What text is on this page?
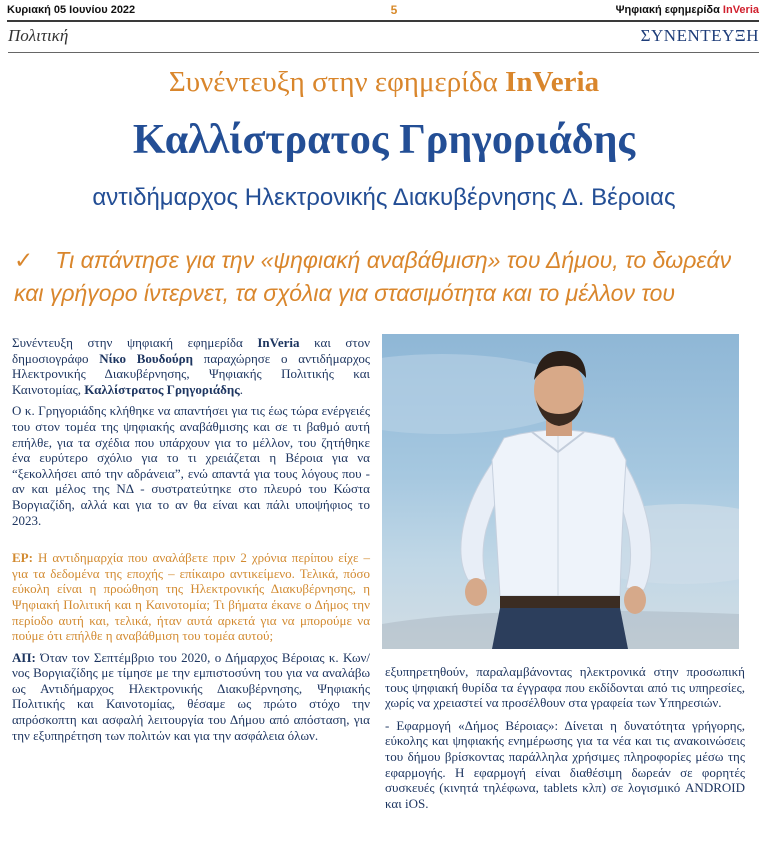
Κυριακή 05 Ιουνίου 2022	5	Ψηφιακή εφημερίδα InVeria
Πολιτική	ΣΥΝΕΝΤΕΥΞΗ
Συνέντευξη στην εφημερίδα InVeria
Καλλίστρατος Γρηγοριάδης
αντιδήμαρχος Ηλεκτρονικής Διακυβέρνησης Δ. Βέροιας
✓ Τι απάντησε για την «ψηφιακή αναβάθμιση» του Δήμου, το δωρεάν και γρήγορο ίντερνετ, τα σχόλια για στασιμότητα και το μέλλον του

Συνέντευξη στην ψηφιακή εφημερίδα InVeria και στον δημοσιογράφο Νίκο Βουδούρη παραχώρησε ο αντιδήμαρχος Ηλεκτρονικής Διακυβέρνησης, Ψηφιακής Πολιτικής και Καινοτομίας, Καλλίστρατος Γρηγοριάδης.

Ο κ. Γρηγοριάδης κλήθηκε να απαντήσει για τις έως τώρα ενέργειές του στον τομέα της ψηφιακής αναβάθμισης και σε τι βαθμό αυτή επήλθε, για τα σχέδια που υπάρχουν για το μέλλον, του ζητήθηκε ένα ευρύτερο σχόλιο για το τι χρειάζεται η Βέροια για να “ξεκολλήσει από την αδράνεια”, ενώ απαντά για τους λόγους που - αν και μέλος της ΝΔ - συστρατεύτηκε στο πλευρό του Κώστα Βοργιαζίδη, αλλά και για το αν θα είναι και πάλι υποψήφιος το 2023.

ΕΡ: Η αντιδημαρχία που αναλάβετε πριν 2 χρόνια περίπου είχε – για τα δεδομένα της εποχής – επίκαιρο αντικείμενο. Τελικά, πόσο εύκολη είναι η προώθηση της Ηλεκτρονικής Διακυβέρνησης, η Ψηφιακή Πολιτική και η Καινοτομία; Τι βήματα έκανε ο Δήμος την περίοδο αυτή και, τελικά, ήταν αυτά αρκετά για να μπορούμε να πούμε ότι επήλθε η αναβάθμιση του τομέα αυτού;

ΑΠ: Όταν τον Σεπτέμβριο του 2020, ο Δήμαρχος Βέροιας κ. Κων/νος Βοργιαζίδης με τίμησε με την εμπιστοσύνη του για να αναλάβω ως Αντιδήμαρχος Ηλεκτρονικής Διακυβέρνησης, Ψηφιακής Πολιτικής και Καινοτομίας, θέσαμε ως πρώτο στόχο την απρόσκοπτη και ασφαλή λειτουργία του Δήμου από απόσταση, για την εξυπηρέτηση των πολιτών και για την ασφάλεια όλων.

εξυπηρετηθούν, παραλαμβάνοντας ηλεκτρονικά στην προσωπική τους ψηφιακή θυρίδα τα έγγραφα που εκδίδονται από τις υπηρεσίες, χωρίς να χρειαστεί να προσέλθουν στα γραφεία των Υπηρεσιών.

- Εφαρμογή «Δήμος Βέροιας»: Δίνεται η δυνατότητα γρήγορης, εύκολης και ψηφιακής ενημέρωσης για τα νέα και τις ανακοινώσεις του δήμου βρίσκοντας παράλληλα χρήσιμες πληροφορίες μέσω της εφαρμογής. Η εφαρμογή είναι διαθέσιμη δωρεάν σε φορητές συσκευές (κινητά τηλέφωνα, tablets κλπ) σε λογισμικό ANDROID και iOS.
